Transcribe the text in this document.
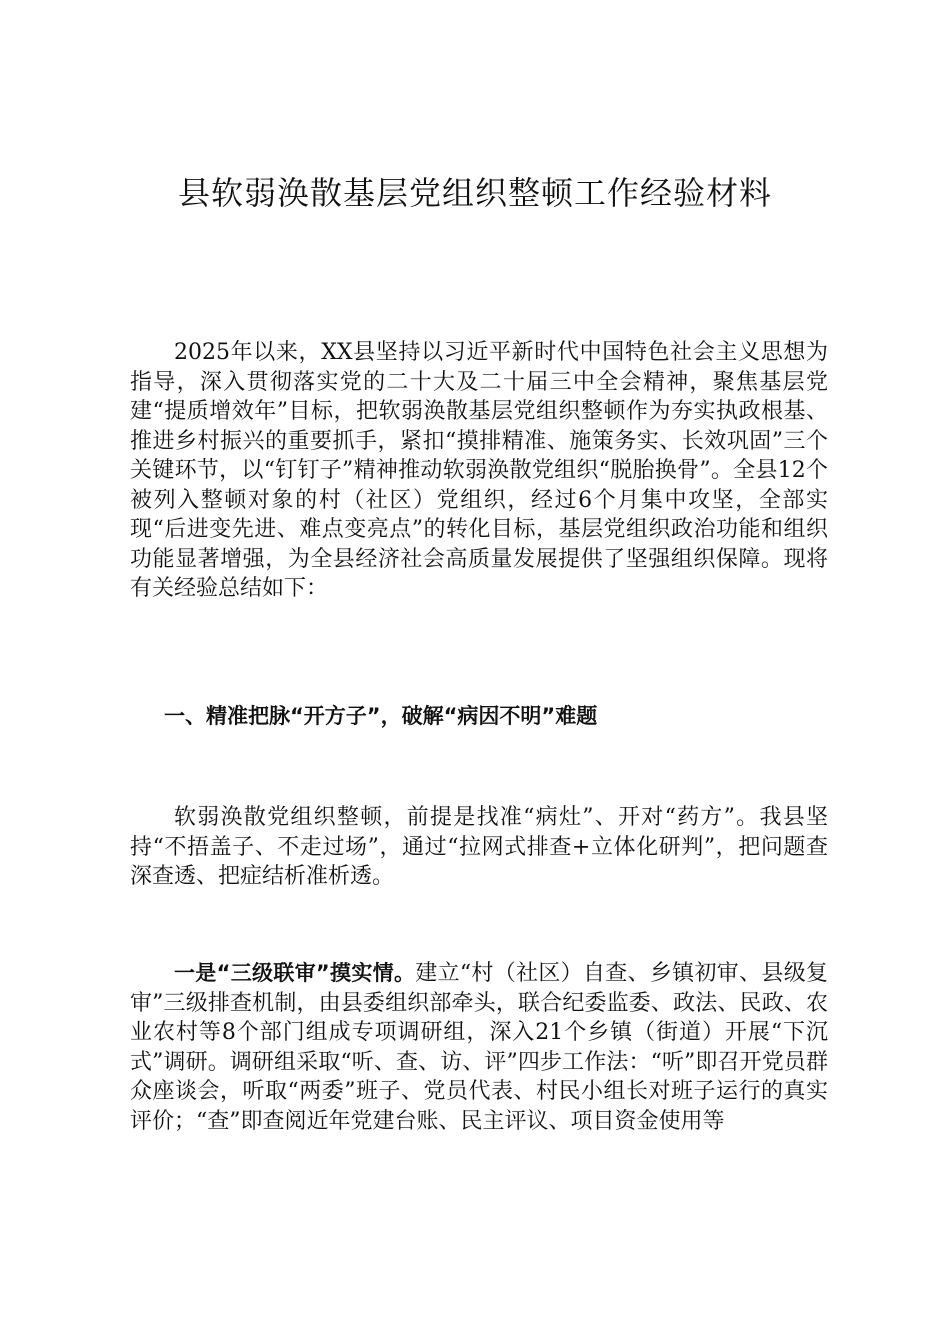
县软弱涣散基层党组织整顿工作经验材料

2025年以来，XX县坚持以习近平新时代中国特色社会主义思想为指导，深入贯彻落实党的二十大及二十届三中全会精神，聚焦基层党建“提质增效年”目标，把软弱涣散基层党组织整顿作为夯实执政根基、推进乡村振兴的重要抓手，紧扣“摸排精准、施策务实、长效巩固”三个关键环节，以“钉钉子”精神推动软弱涣散党组织“脱胎换骨”。全县12个被列入整顿对象的村（社区）党组织，经过6个月集中攻坚，全部实现“后进变先进、难点变亮点”的转化目标，基层党组织政治功能和组织功能显著增强，为全县经济社会高质量发展提供了坚强组织保障。现将有关经验总结如下：

一、精准把脉“开方子”，破解“病因不明”难题

软弱涣散党组织整顿，前提是找准“病灶”、开对“药方”。我县坚持“不捂盖子、不走过场”，通过“拉网式排查+立体化研判”，把问题查深查透、把症结析准析透。

一是“三级联审”摸实情。建立“村（社区）自查、乡镇初审、县级复审”三级排查机制，由县委组织部牵头，联合纪委监委、政法、民政、农业农村等8个部门组成专项调研组，深入21个乡镇（街道）开展“下沉式”调研。调研组采取“听、查、访、评”四步工作法：“听”即召开党员群众座谈会，听取“两委”班子、党员代表、村民小组长对班子运行的真实评价；“查”即查阅近年党建台账、民主评议、项目资金使用等
